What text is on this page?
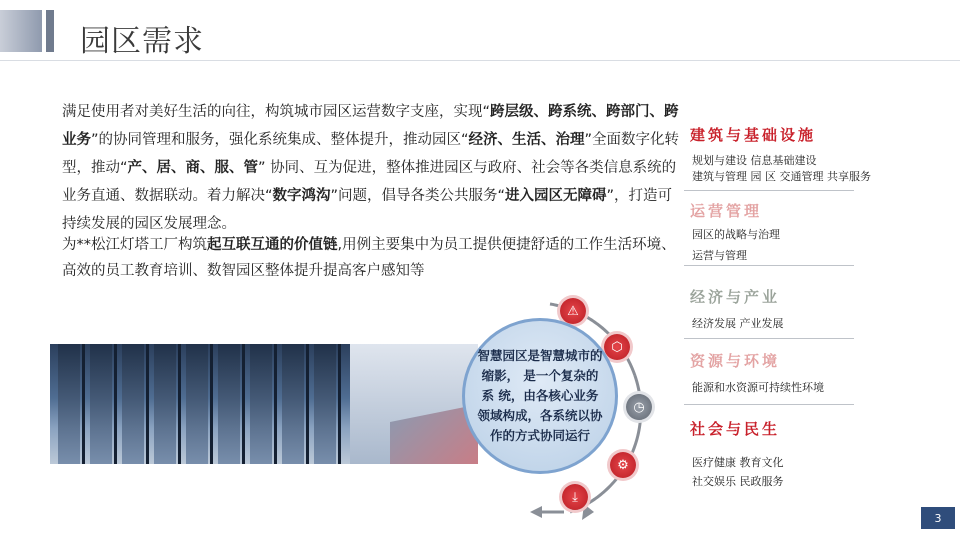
园区需求
满足使用者对美好生活的向往，构筑城市园区运营数字支座，实现“跨层级、跨系统、跨部门、跨业务”的协同管理和服务，强化系统集成、整体提升，推动园区“经济、生活、治理”全面数字化转型，推动“产、居、商、服、管” 协同、互为促进，整体推进园区与政府、社会等各类信息系统的业务直通、数据联动。着力解决“数字鸿沟”问题，倡导各类公共服务“进入园区无障碍”，打造可持续发展的园区发展理念。
为**松江灯塔工厂构筑起互联互通的价值链,用例主要集中为员工提供便捷舒适的工作生活环境、高效的员工教育培训、数智园区整体提升提高客户感知等
⚠
⬡
◷
⚙
⤓
智慧园区是智慧城市的 缩影， 是一个复杂的系 统，由各核心业务领域构成，各系统以协作的方式协同运行
建筑与基础设施
规划与建设 信息基础建设
建筑与管理 园 区 交通管理 共享服务
运营管理
园区的战略与治理
运营与管理
经济与产业
经济发展 产业发展
资源与环境
能源和水资源可持续性环境
社会与民生
医疗健康 教育文化
社交娱乐 民政服务
3
